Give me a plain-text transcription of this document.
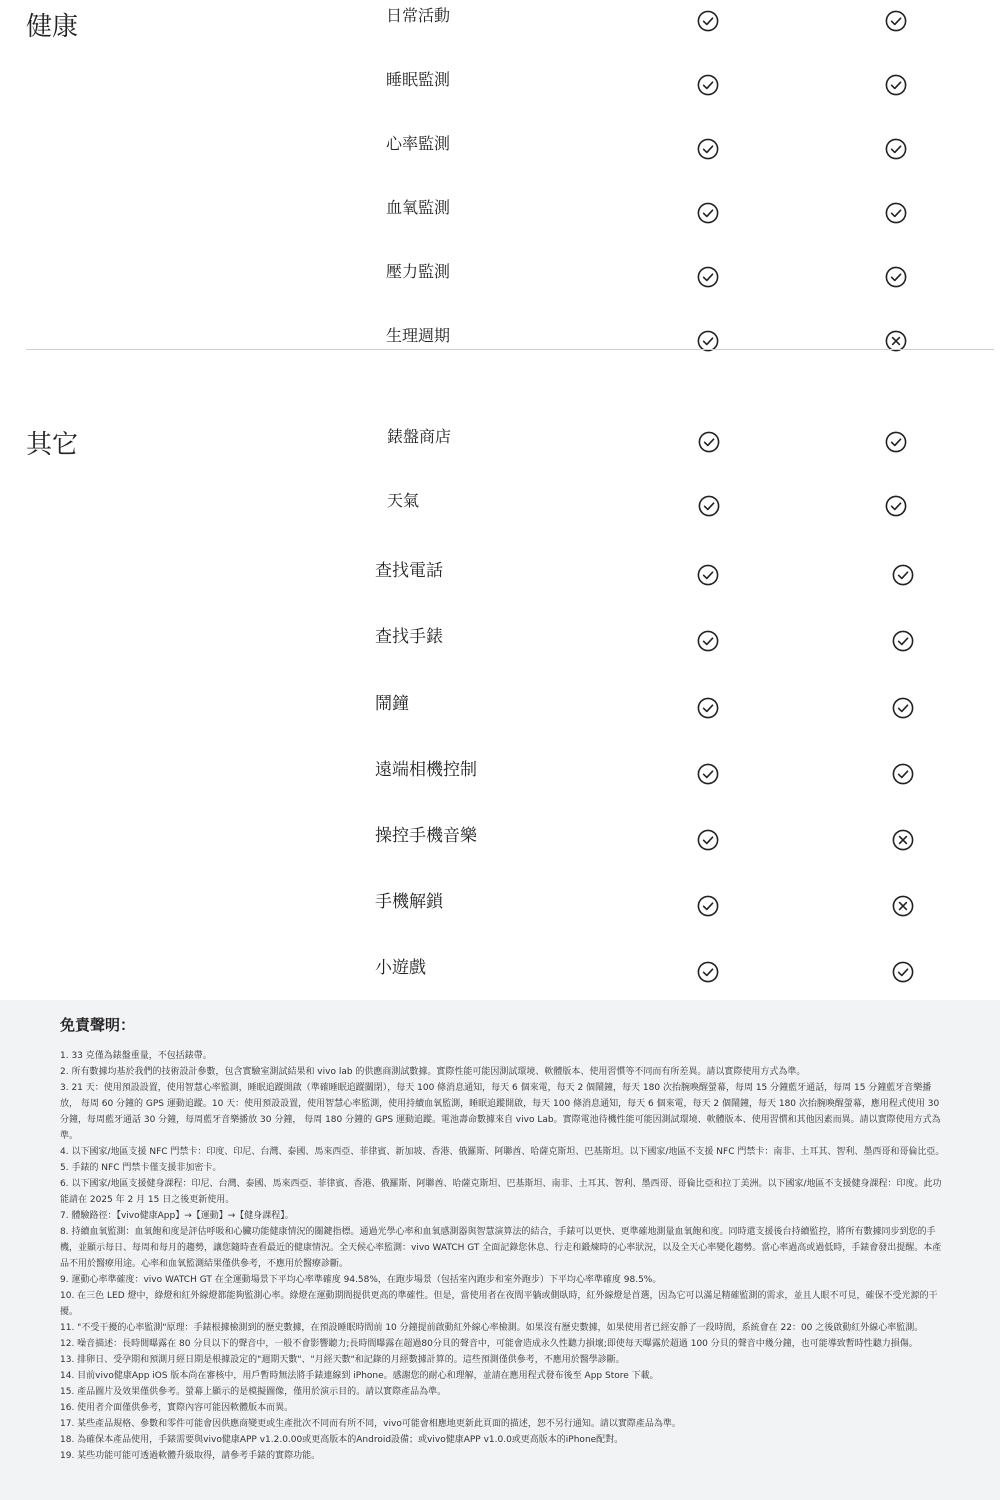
健康	日常活動
睡眠監測
心率監測
血氧監測
壓力監測
生理週期
其它	錶盤商店
天氣
查找電話
查找手錶
鬧鐘
遠端相機控制
操控手機音樂
手機解鎖
小遊戲
免責聲明：
1. 33 克僅為錶盤重量，不包括錶帶。
2. 所有數據均基於我們的技術設計參數，包含實驗室測試結果和 vivo lab 的供應商測試數據。實際性能可能因測試環境、軟體版本、使用習慣等不同而有所差異。請以實際使用方式為準。
3. 21 天：使用預設設置，使用智慧心率監測，睡眠追蹤開啟（準確睡眠追蹤關閉），每天 100 條消息通知，每天 6 個來電，每天 2 個鬧鐘，每天 180 次抬腕喚醒螢幕，每周 15 分鐘藍牙通話，每周 15 分鐘藍牙音樂播放， 每周 60 分鐘的 GPS 運動追蹤。10 天：使用預設設置，使用智慧心率監測，使用持續血氧監測，睡眠追蹤開啟，每天 100 條消息通知，每天 6 個來電，每天 2 個鬧鐘，每天 180 次抬腕喚醒螢幕，應用程式使用 30 分鐘，每周藍牙通話 30 分鐘，每周藍牙音樂播放 30 分鐘， 每周 180 分鐘的 GPS 運動追蹤。電池壽命數據來自 vivo Lab。實際電池待機性能可能因測試環境、軟體版本、使用習慣和其他因素而異。請以實際使用方式為準。
4. 以下國家/地區支援 NFC 門禁卡：印度、印尼、台灣、泰國、馬來西亞、菲律賓、新加坡、香港、俄羅斯、阿聯酋、哈薩克斯坦、巴基斯坦。以下國家/地區不支援 NFC 門禁卡：南非、土耳其、智利、墨西哥和哥倫比亞。
5. 手錶的 NFC 門禁卡僅支援非加密卡。
6. 以下國家/地區支援健身課程：印尼、台灣、泰國、馬來西亞、菲律賓、香港、俄羅斯、阿聯酋、哈薩克斯坦、巴基斯坦、南非、土耳其、智利、墨西哥、哥倫比亞和拉丁美洲。以下國家/地區不支援健身課程：印度。此功能請在 2025 年 2 月 15 日之後更新使用。
7. 體驗路徑：【vivo健康App】→【運動】→【健身課程】。
8. 持續血氧監測：血氧飽和度是評估呼吸和心臟功能健康情況的關鍵指標。通過光學心率和血氧感測器與智慧演算法的結合，手錶可以更快、更準確地測量血氧飽和度。同時還支援後台持續監控，將所有數據同步到您的手機，並顯示每日、每周和每月的趨勢，讓您隨時查看最近的健康情況。全天候心率監測：vivo WATCH GT 全面記錄您休息、行走和鍛煉時的心率狀況，以及全天心率變化趨勢。當心率過高或過低時，手錶會發出提醒。本產品不用於醫療用途。心率和血氧監測結果僅供參考，不應用於醫療診斷。
9. 運動心率準確度：vivo WATCH GT 在全運動場景下平均心率準確度 94.58%，在跑步場景（包括室內跑步和室外跑步）下平均心率準確度 98.5%。
10. 在三色 LED 燈中，綠燈和紅外線燈都能夠監測心率。綠燈在運動期間提供更高的準確性。但是，當使用者在夜間平躺或側臥時，紅外線燈是首選，因為它可以滿足精確監測的需求，並且人眼不可見，確保不受光源的干擾。
11. "不受干擾的心率監測"原理：手錶根據檢測到的歷史數據，在預設睡眠時間前 10 分鐘提前啟動紅外線心率檢測。如果沒有歷史數據，如果使用者已經安靜了一段時間，系統會在 22：00 之後啟動紅外線心率監測。
12. 噪音描述：長時間曝露在 80 分貝以下的聲音中，一般不會影響聽力;長時間曝露在超過80分貝的聲音中，可能會造成永久性聽力損壞;即使每天曝露於超過 100 分貝的聲音中幾分鐘，也可能導致暫時性聽力損傷。
13. 排卵日、受孕期和預測月經日期是根據設定的"週期天數"、"月經天數"和記錄的月經數據計算的。這些預測僅供參考，不應用於醫學診斷。
14. 目前vivo健康App iOS 版本尚在審核中，用戶暫時無法將手錶連線到 iPhone。感謝您的耐心和理解，並請在應用程式發布後至 App Store 下載。
15. 產品圖片及效果僅供參考。螢幕上顯示的是模擬圖像，僅用於演示目的。請以實際產品為準。
16. 使用者介面僅供參考，實際內容可能因軟體版本而異。
17. 某些產品規格、參數和零件可能會因供應商變更或生產批次不同而有所不同，vivo可能會相應地更新此頁面的描述，恕不另行通知。請以實際產品為準。
18. 為確保本產品使用，手錶需要與vivo健康APP v1.2.0.00或更高版本的Android設備；或vivo健康APP v1.0.0或更高版本的iPhone配對。
19. 某些功能可能可透過軟體升級取得，請參考手錶的實際功能。
